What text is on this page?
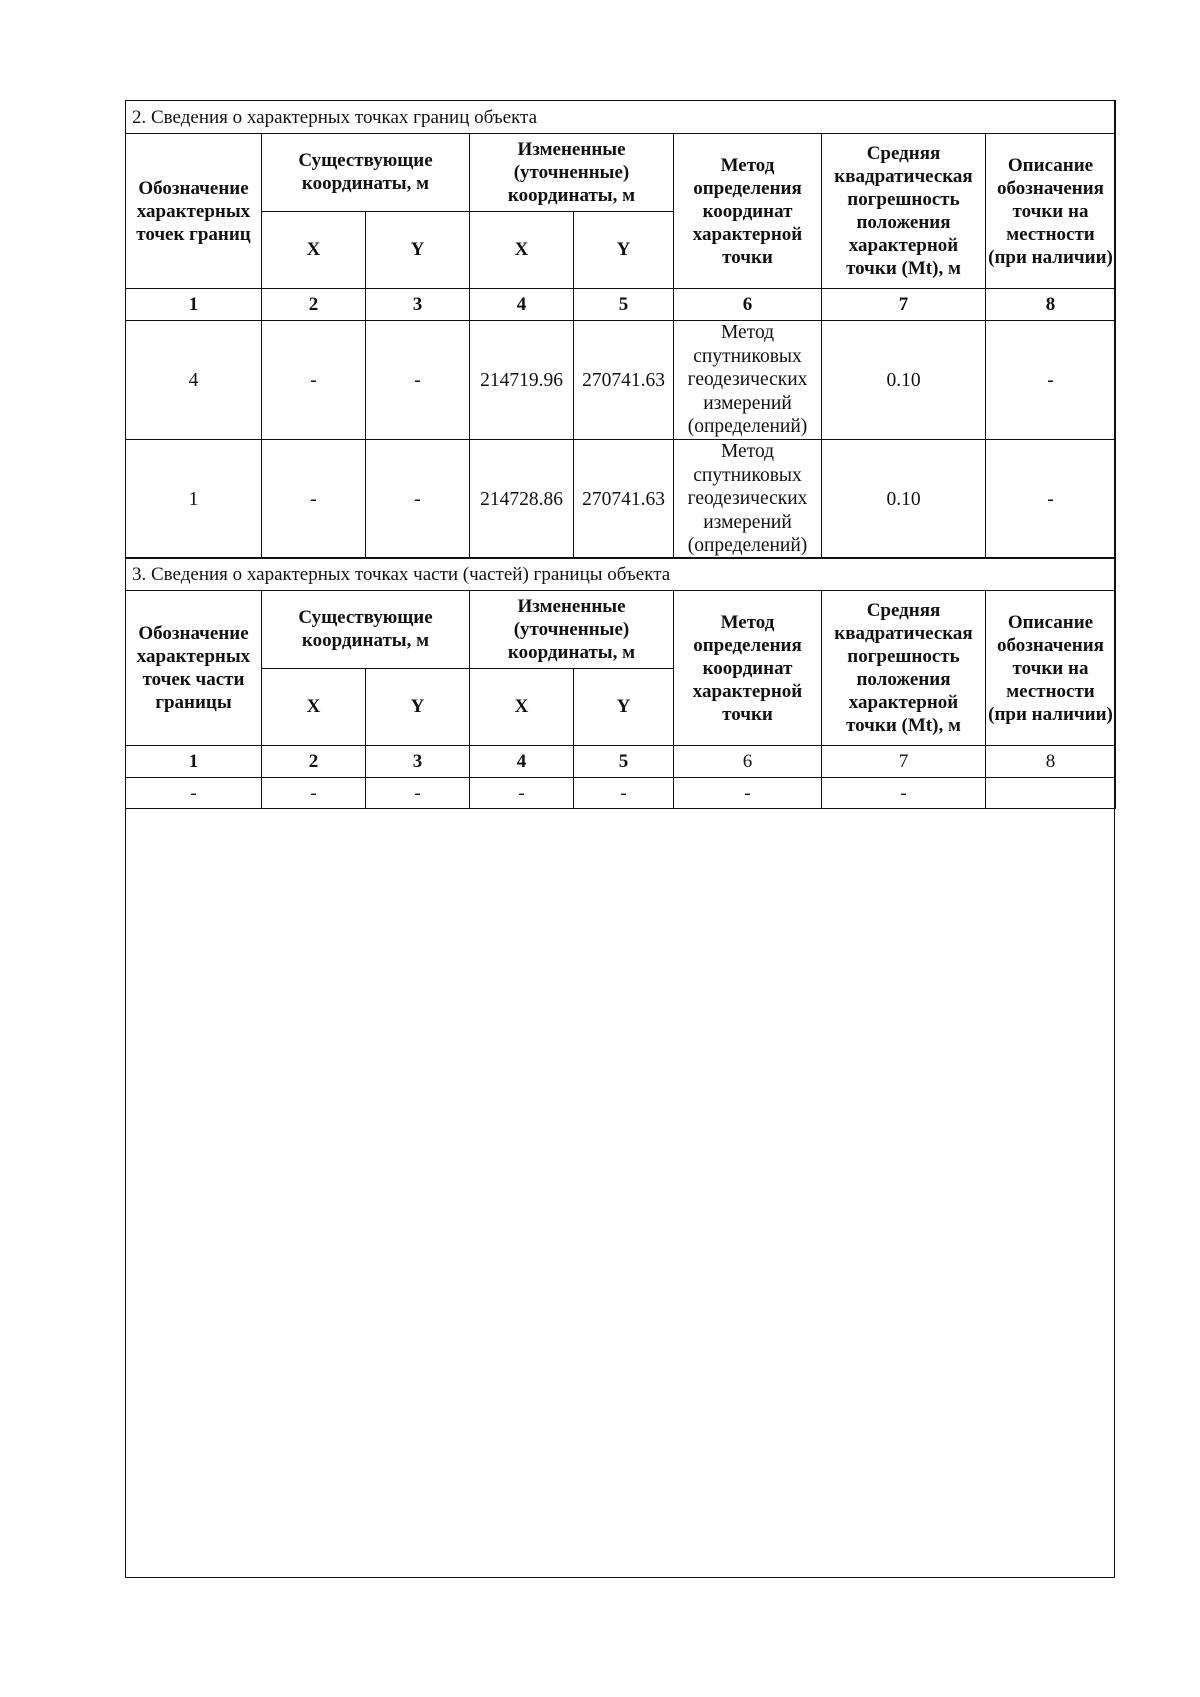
2. Сведения о характерных точках границ объекта							
Обозначение характерных точек границ	Существующие координаты, м		Измененные (уточненные) координаты, м		Метод определения координат характерной точки	Средняя квадратическая погрешность положения характерной точки (Mt), м	Описание обозначения точки на местности (при наличии)
	X	Y	X	Y			
1	2	3	4	5	6	7	8
4	-	-	214719.96	270741.63	Метод спутниковых геодезических измерений (определений)	0.10	-
1	-	-	214728.86	270741.63	Метод спутниковых геодезических измерений (определений)	0.10	-
3. Сведения о характерных точках части (частей) границы объекта							
Обозначение характерных точек части границы	Существующие координаты, м		Измененные (уточненные) координаты, м		Метод определения координат характерной точки	Средняя квадратическая погрешность положения характерной точки (Mt), м	Описание обозначения точки на местности (при наличии)
	X	Y	X	Y			
1	2	3	4	5	6	7	8
-	-	-	-	-	-	-	
